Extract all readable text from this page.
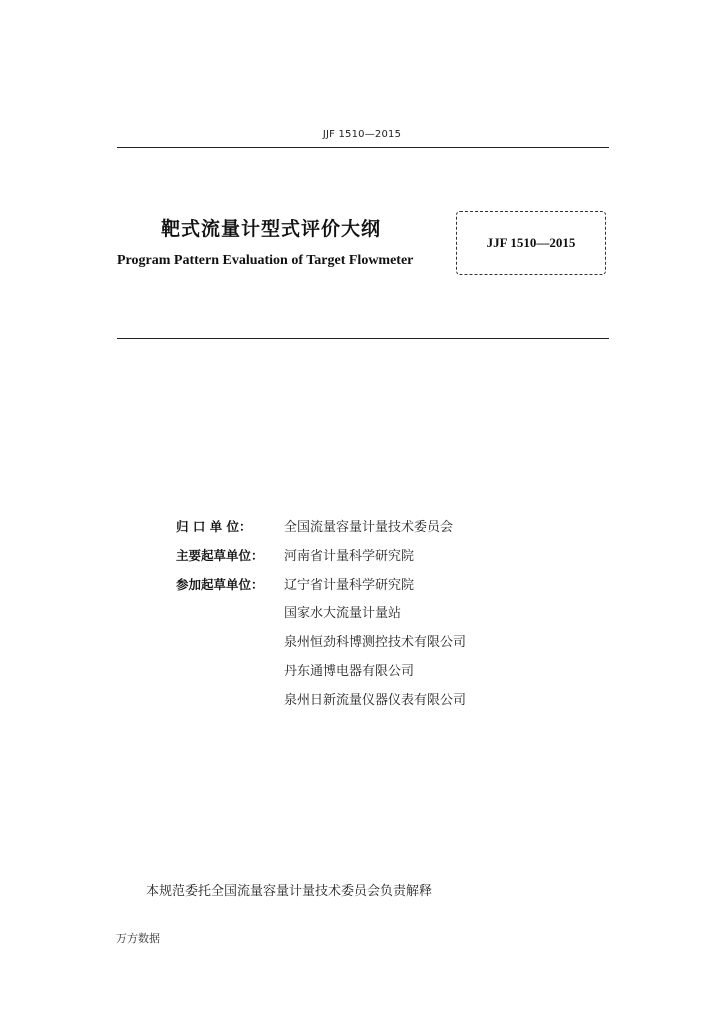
JJF 1510—2015
靶式流量计型式评价大纲
Program Pattern Evaluation of Target Flowmeter
JJF 1510—2015
归 口 单 位：	全国流量容量计量技术委员会
主要起草单位：	河南省计量科学研究院
参加起草单位：	辽宁省计量科学研究院
国家水大流量计量站
泉州恒劲科博测控技术有限公司
丹东通博电器有限公司
泉州日新流量仪器仪表有限公司
本规范委托全国流量容量计量技术委员会负责解释
万方数据
